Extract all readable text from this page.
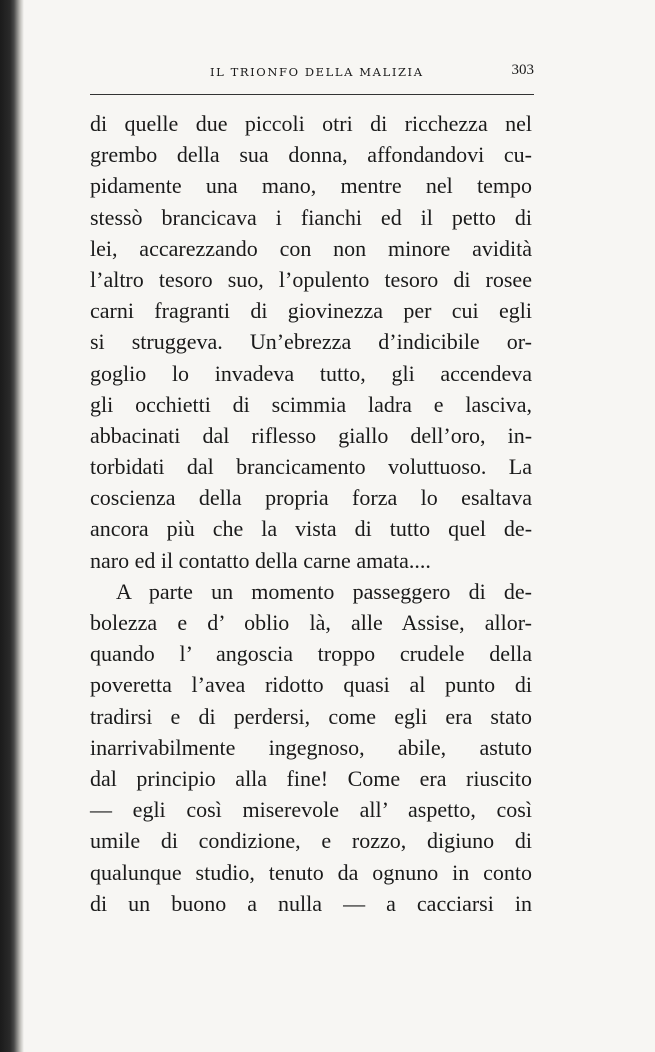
IL TRIONFO DELLA MALIZIA	303
di quelle due piccoli otri di ricchezza nel
grembo della sua donna, affondandovi cu-
pidamente una mano, mentre nel tempo
stessò brancicava i fianchi ed il petto di
lei, accarezzando con non minore avidità
l’altro tesoro suo, l’opulento tesoro di rosee
carni fragranti di giovinezza per cui egli
si struggeva. Un’ebrezza d’indicibile or-
goglio lo invadeva tutto, gli accendeva
gli occhietti di scimmia ladra e lasciva,
abbacinati dal riflesso giallo dell’oro, in-
torbidati dal brancicamento voluttuoso. La
coscienza della propria forza lo esaltava
ancora più che la vista di tutto quel de-
naro ed il contatto della carne amata....
A parte un momento passeggero di de-
bolezza e d’ oblio là, alle Assise, allor-
quando l’ angoscia troppo crudele della
poveretta l’avea ridotto quasi al punto di
tradirsi e di perdersi, come egli era stato
inarrivabilmente ingegnoso, abile, astuto
dal principio alla fine! Come era riuscito
— egli così miserevole all’ aspetto, così
umile di condizione, e rozzo, digiuno di
qualunque studio, tenuto da ognuno in conto
di un buono a nulla — a cacciarsi in
